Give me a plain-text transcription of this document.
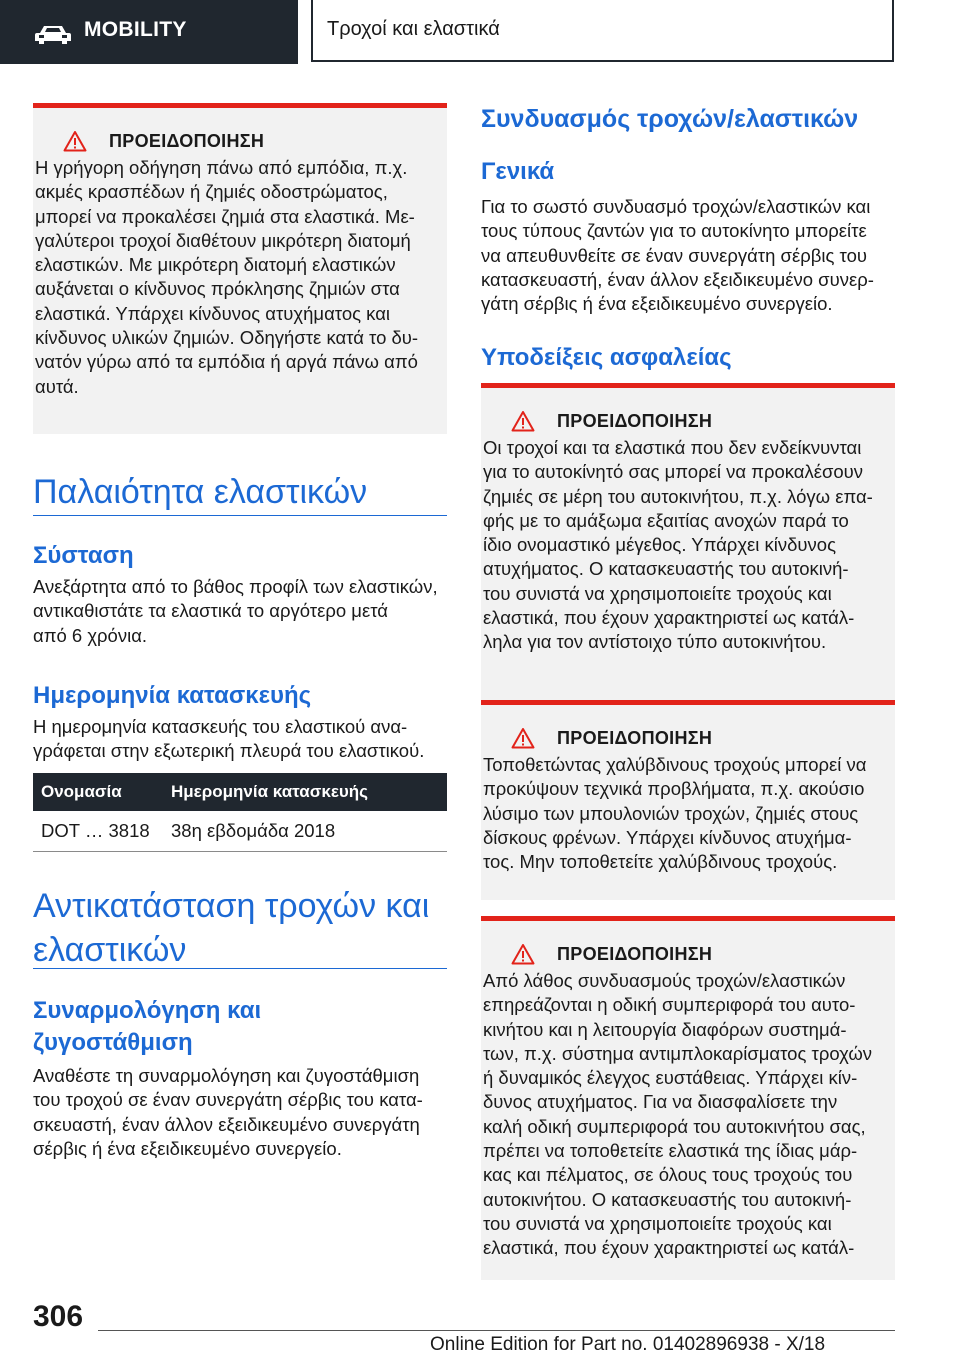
MOBILITY	Τροχοί και ελαστικά
ΠΡΟΕΙΔΟΠΟΙΗΣΗ
Η γρήγορη οδήγηση πάνω από εμπόδια, π.χ.
ακμές κρασπέδων ή ζημιές οδοστρώματος,
μπορεί να προκαλέσει ζημιά στα ελαστικά. Με-
γαλύτεροι τροχοί διαθέτουν μικρότερη διατομή
ελαστικών. Με μικρότερη διατομή ελαστικών
αυξάνεται ο κίνδυνος πρόκλησης ζημιών στα
ελαστικά. Υπάρχει κίνδυνος ατυχήματος και
κίνδυνος υλικών ζημιών. Οδηγήστε κατά το δυ-
νατόν γύρω από τα εμπόδια ή αργά πάνω από
αυτά.
Παλαιότητα ελαστικών
Σύσταση
Ανεξάρτητα από το βάθος προφίλ των ελαστικών,
αντικαθιστάτε τα ελαστικά το αργότερο μετά
από 6 χρόνια.
Ημερομηνία κατασκευής
Η ημερομηνία κατασκευής του ελαστικού ανα-
γράφεται στην εξωτερική πλευρά του ελαστικού.
Ονομασία	Ημερομηνία κατασκευής
DOT … 3818	38η εβδομάδα 2018
Αντικατάσταση τροχών και
ελαστικών
Συναρμολόγηση και
ζυγοστάθμιση
Αναθέστε τη συναρμολόγηση και ζυγοστάθμιση
του τροχού σε έναν συνεργάτη σέρβις του κατα-
σκευαστή, έναν άλλον εξειδικευμένο συνεργάτη
σέρβις ή ένα εξειδικευμένο συνεργείο.
Συνδυασμός τροχών/ελαστικών
Γενικά
Για το σωστό συνδυασμό τροχών/ελαστικών και
τους τύπους ζαντών για το αυτοκίνητο μπορείτε
να απευθυνθείτε σε έναν συνεργάτη σέρβις του
κατασκευαστή, έναν άλλον εξειδικευμένο συνερ-
γάτη σέρβις ή ένα εξειδικευμένο συνεργείο.
Υποδείξεις ασφαλείας
ΠΡΟΕΙΔΟΠΟΙΗΣΗ
Οι τροχοί και τα ελαστικά που δεν ενδείκνυνται
για το αυτοκίνητό σας μπορεί να προκαλέσουν
ζημιές σε μέρη του αυτοκινήτου, π.χ. λόγω επα-
φής με το αμάξωμα εξαιτίας ανοχών παρά το
ίδιο ονομαστικό μέγεθος. Υπάρχει κίνδυνος
ατυχήματος. Ο κατασκευαστής του αυτοκινή-
του συνιστά να χρησιμοποιείτε τροχούς και
ελαστικά, που έχουν χαρακτηριστεί ως κατάλ-
ληλα για τον αντίστοιχο τύπο αυτοκινήτου.
ΠΡΟΕΙΔΟΠΟΙΗΣΗ
Τοποθετώντας χαλύβδινους τροχούς μπορεί να
προκύψουν τεχνικά προβλήματα, π.χ. ακούσιο
λύσιμο των μπουλονιών τροχών, ζημιές στους
δίσκους φρένων. Υπάρχει κίνδυνος ατυχήμα-
τος. Μην τοποθετείτε χαλύβδινους τροχούς.
ΠΡΟΕΙΔΟΠΟΙΗΣΗ
Από λάθος συνδυασμούς τροχών/ελαστικών
επηρεάζονται η οδική συμπεριφορά του αυτο-
κινήτου και η λειτουργία διαφόρων συστημά-
των, π.χ. σύστημα αντιμπλοκαρίσματος τροχών
ή δυναμικός έλεγχος ευστάθειας. Υπάρχει κίν-
δυνος ατυχήματος. Για να διασφαλίσετε την
καλή οδική συμπεριφορά του αυτοκινήτου σας,
πρέπει να τοποθετείτε ελαστικά της ίδιας μάρ-
κας και πέλματος, σε όλους τους τροχούς του
αυτοκινήτου. Ο κατασκευαστής του αυτοκινή-
του συνιστά να χρησιμοποιείτε τροχούς και
ελαστικά, που έχουν χαρακτηριστεί ως κατάλ-
306
Online Edition for Part no. 01402896938 - X/18
